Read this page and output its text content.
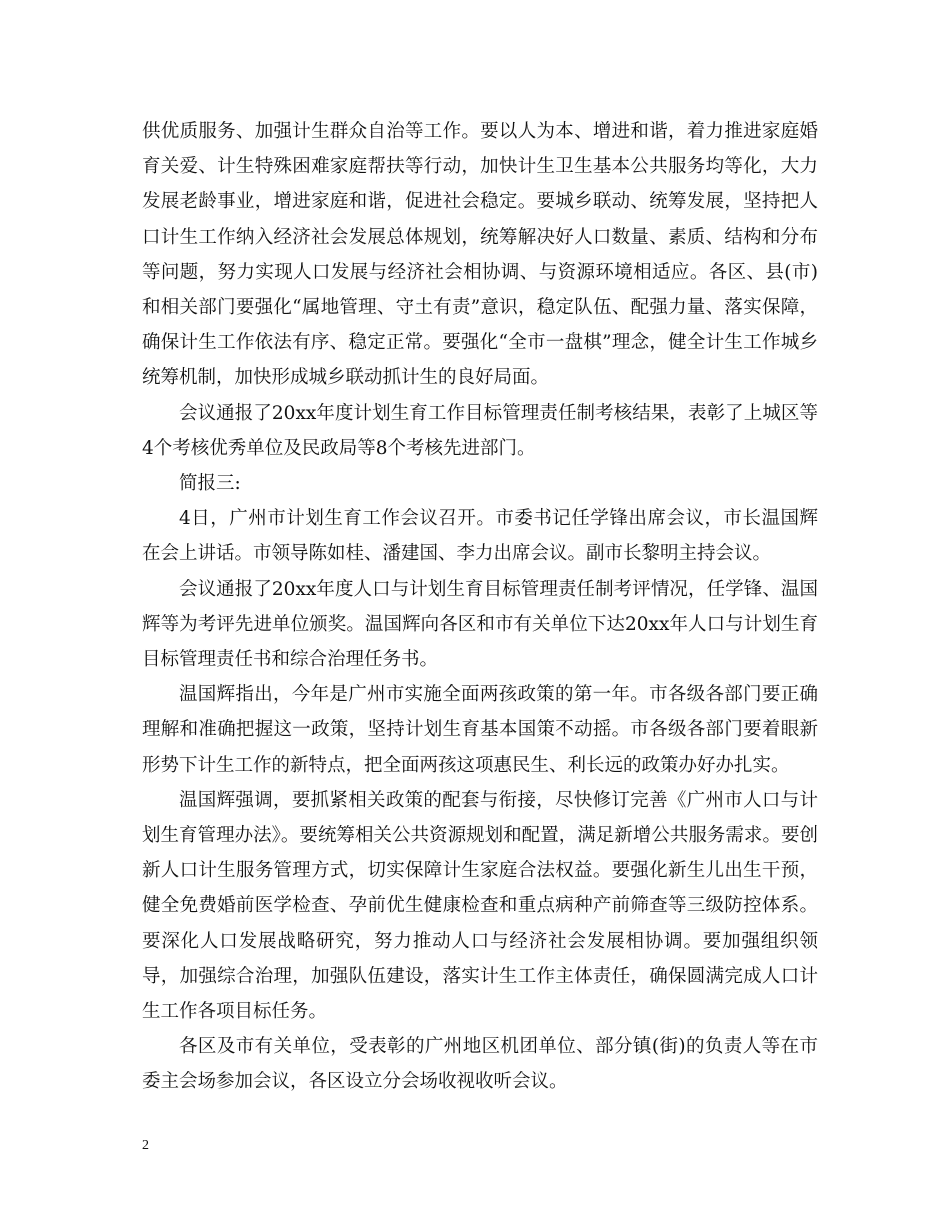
供优质服务、加强计生群众自治等工作。要以人为本、增进和谐，着力推进家庭婚育关爱、计生特殊困难家庭帮扶等行动，加快计生卫生基本公共服务均等化，大力发展老龄事业，增进家庭和谐，促进社会稳定。要城乡联动、统筹发展，坚持把人口计生工作纳入经济社会发展总体规划，统筹解决好人口数量、素质、结构和分布等问题，努力实现人口发展与经济社会相协调、与资源环境相适应。各区、县(市)和相关部门要强化“属地管理、守土有责”意识，稳定队伍、配强力量、落实保障，确保计生工作依法有序、稳定正常。要强化“全市一盘棋”理念，健全计生工作城乡统筹机制，加快形成城乡联动抓计生的良好局面。

会议通报了20xx年度计划生育工作目标管理责任制考核结果，表彰了上城区等4个考核优秀单位及民政局等8个考核先进部门。

简报三:

4日，广州市计划生育工作会议召开。市委书记任学锋出席会议，市长温国辉在会上讲话。市领导陈如桂、潘建国、李力出席会议。副市长黎明主持会议。

会议通报了20xx年度人口与计划生育目标管理责任制考评情况，任学锋、温国辉等为考评先进单位颁奖。温国辉向各区和市有关单位下达20xx年人口与计划生育目标管理责任书和综合治理任务书。

温国辉指出，今年是广州市实施全面两孩政策的第一年。市各级各部门要正确理解和准确把握这一政策，坚持计划生育基本国策不动摇。市各级各部门要着眼新形势下计生工作的新特点，把全面两孩这项惠民生、利长远的政策办好办扎实。

温国辉强调，要抓紧相关政策的配套与衔接，尽快修订完善《广州市人口与计划生育管理办法》。要统筹相关公共资源规划和配置，满足新增公共服务需求。要创新人口计生服务管理方式，切实保障计生家庭合法权益。要强化新生儿出生干预，健全免费婚前医学检查、孕前优生健康检查和重点病种产前筛查等三级防控体系。要深化人口发展战略研究，努力推动人口与经济社会发展相协调。要加强组织领导，加强综合治理，加强队伍建设，落实计生工作主体责任，确保圆满完成人口计生工作各项目标任务。

各区及市有关单位，受表彰的广州地区机团单位、部分镇(街)的负责人等在市委主会场参加会议，各区设立分会场收视收听会议。

2
